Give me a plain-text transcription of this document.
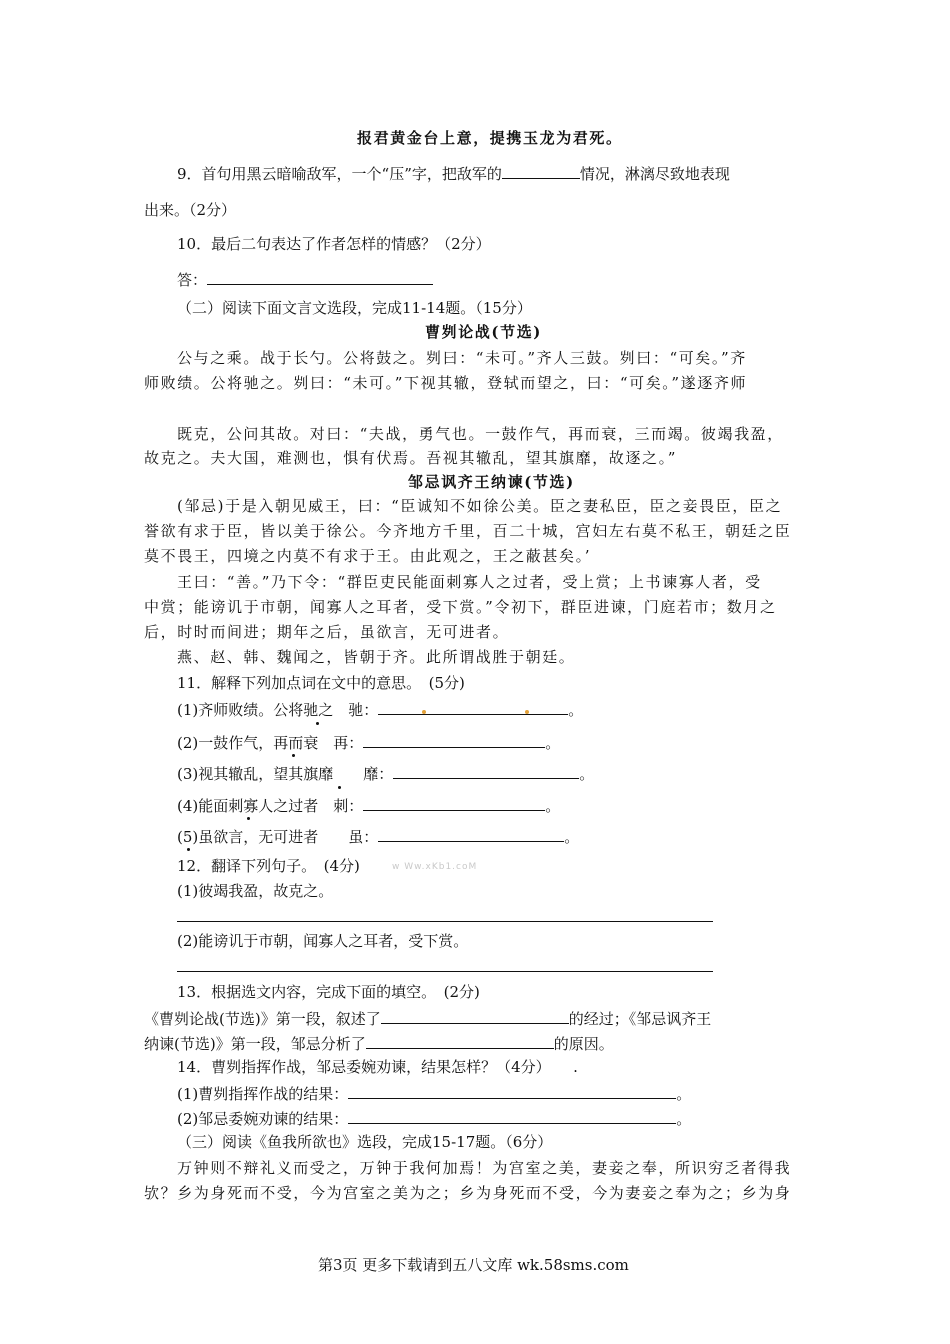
报君黄金台上意，提携玉龙为君死。
9．首句用黑云暗喻敌军，一个“压”字，把敌军的	情况，淋漓尽致地表现
出来。（2分）
10．最后二句表达了作者怎样的情感？（2分）
答：
（二）阅读下面文言文选段，完成11-14题。（15分）
曹刿论战(节选)
公与之乘。战于长勺。公将鼓之。刿曰：“未可。”齐人三鼓。刿曰：“可矣。”齐
师败绩。公将驰之。刿曰：“未可。”下视其辙，登轼而望之，曰：“可矣。”遂逐齐师
既克，公问其故。对曰：“夫战，勇气也。一鼓作气，再而衰，三而竭。彼竭我盈，
故克之。夫大国，难测也，惧有伏焉。吾视其辙乱，望其旗靡，故逐之。”
邹忌讽齐王纳谏(节选)
(邹忌)于是入朝见威王，曰：“臣诚知不如徐公美。臣之妻私臣，臣之妾畏臣，臣之
誉欲有求于臣，皆以美于徐公。今齐地方千里，百二十城，宫妇左右莫不私王，朝廷之臣
莫不畏王，四境之内莫不有求于王。由此观之，王之蔽甚矣。’
王曰：“善。”乃下令：“群臣吏民能面刺寡人之过者，受上赏；上书谏寡人者，受
中赏；能谤讥于市朝，闻寡人之耳者，受下赏。”令初下，群臣进谏，门庭若市；数月之
后，时时而间进；期年之后，虽欲言，无可进者。
燕、赵、韩、魏闻之，皆朝于齐。此所谓战胜于朝廷。
11．解释下列加点词在文中的意思。　(5分)
(1)齐师败绩。公将驰之　驰：	。
(2)一鼓作气，再而衰　再：	。
(3)视其辙乱，望其旗靡　　靡：	。
(4)能面刺寡人之过者　刺：	。
(5)虽欲言，无可进者　　虽：	。
12．翻译下列句子。　(4分)	w Ww.xKb1.coM
(1)彼竭我盈，故克之。
(2)能谤讥于市朝，闻寡人之耳者，受下赏。
13．根据选文内容，完成下面的填空。　(2分)
《曹刿论战(节选)》第一段，叙述了	的经过；《邹忌讽齐王
纳谏(节选)》第一段，邹忌分析了	的原因。
14．曹刿指挥作战，邹忌委婉劝谏，结果怎样？（4分）　　.
(1)曹刿指挥作战的结果：	。
(2)邹忌委婉劝谏的结果：	。
（三）阅读《鱼我所欲也》选段，完成15-17题。（6分）
万钟则不辩礼义而受之，万钟于我何加焉！为宫室之美，妻妾之奉，所识穷乏者得我
欤？乡为身死而不受，今为宫室之美为之；乡为身死而不受，今为妻妾之奉为之；乡为身
第3页 更多下载请到五八文库 wk.58sms.com
